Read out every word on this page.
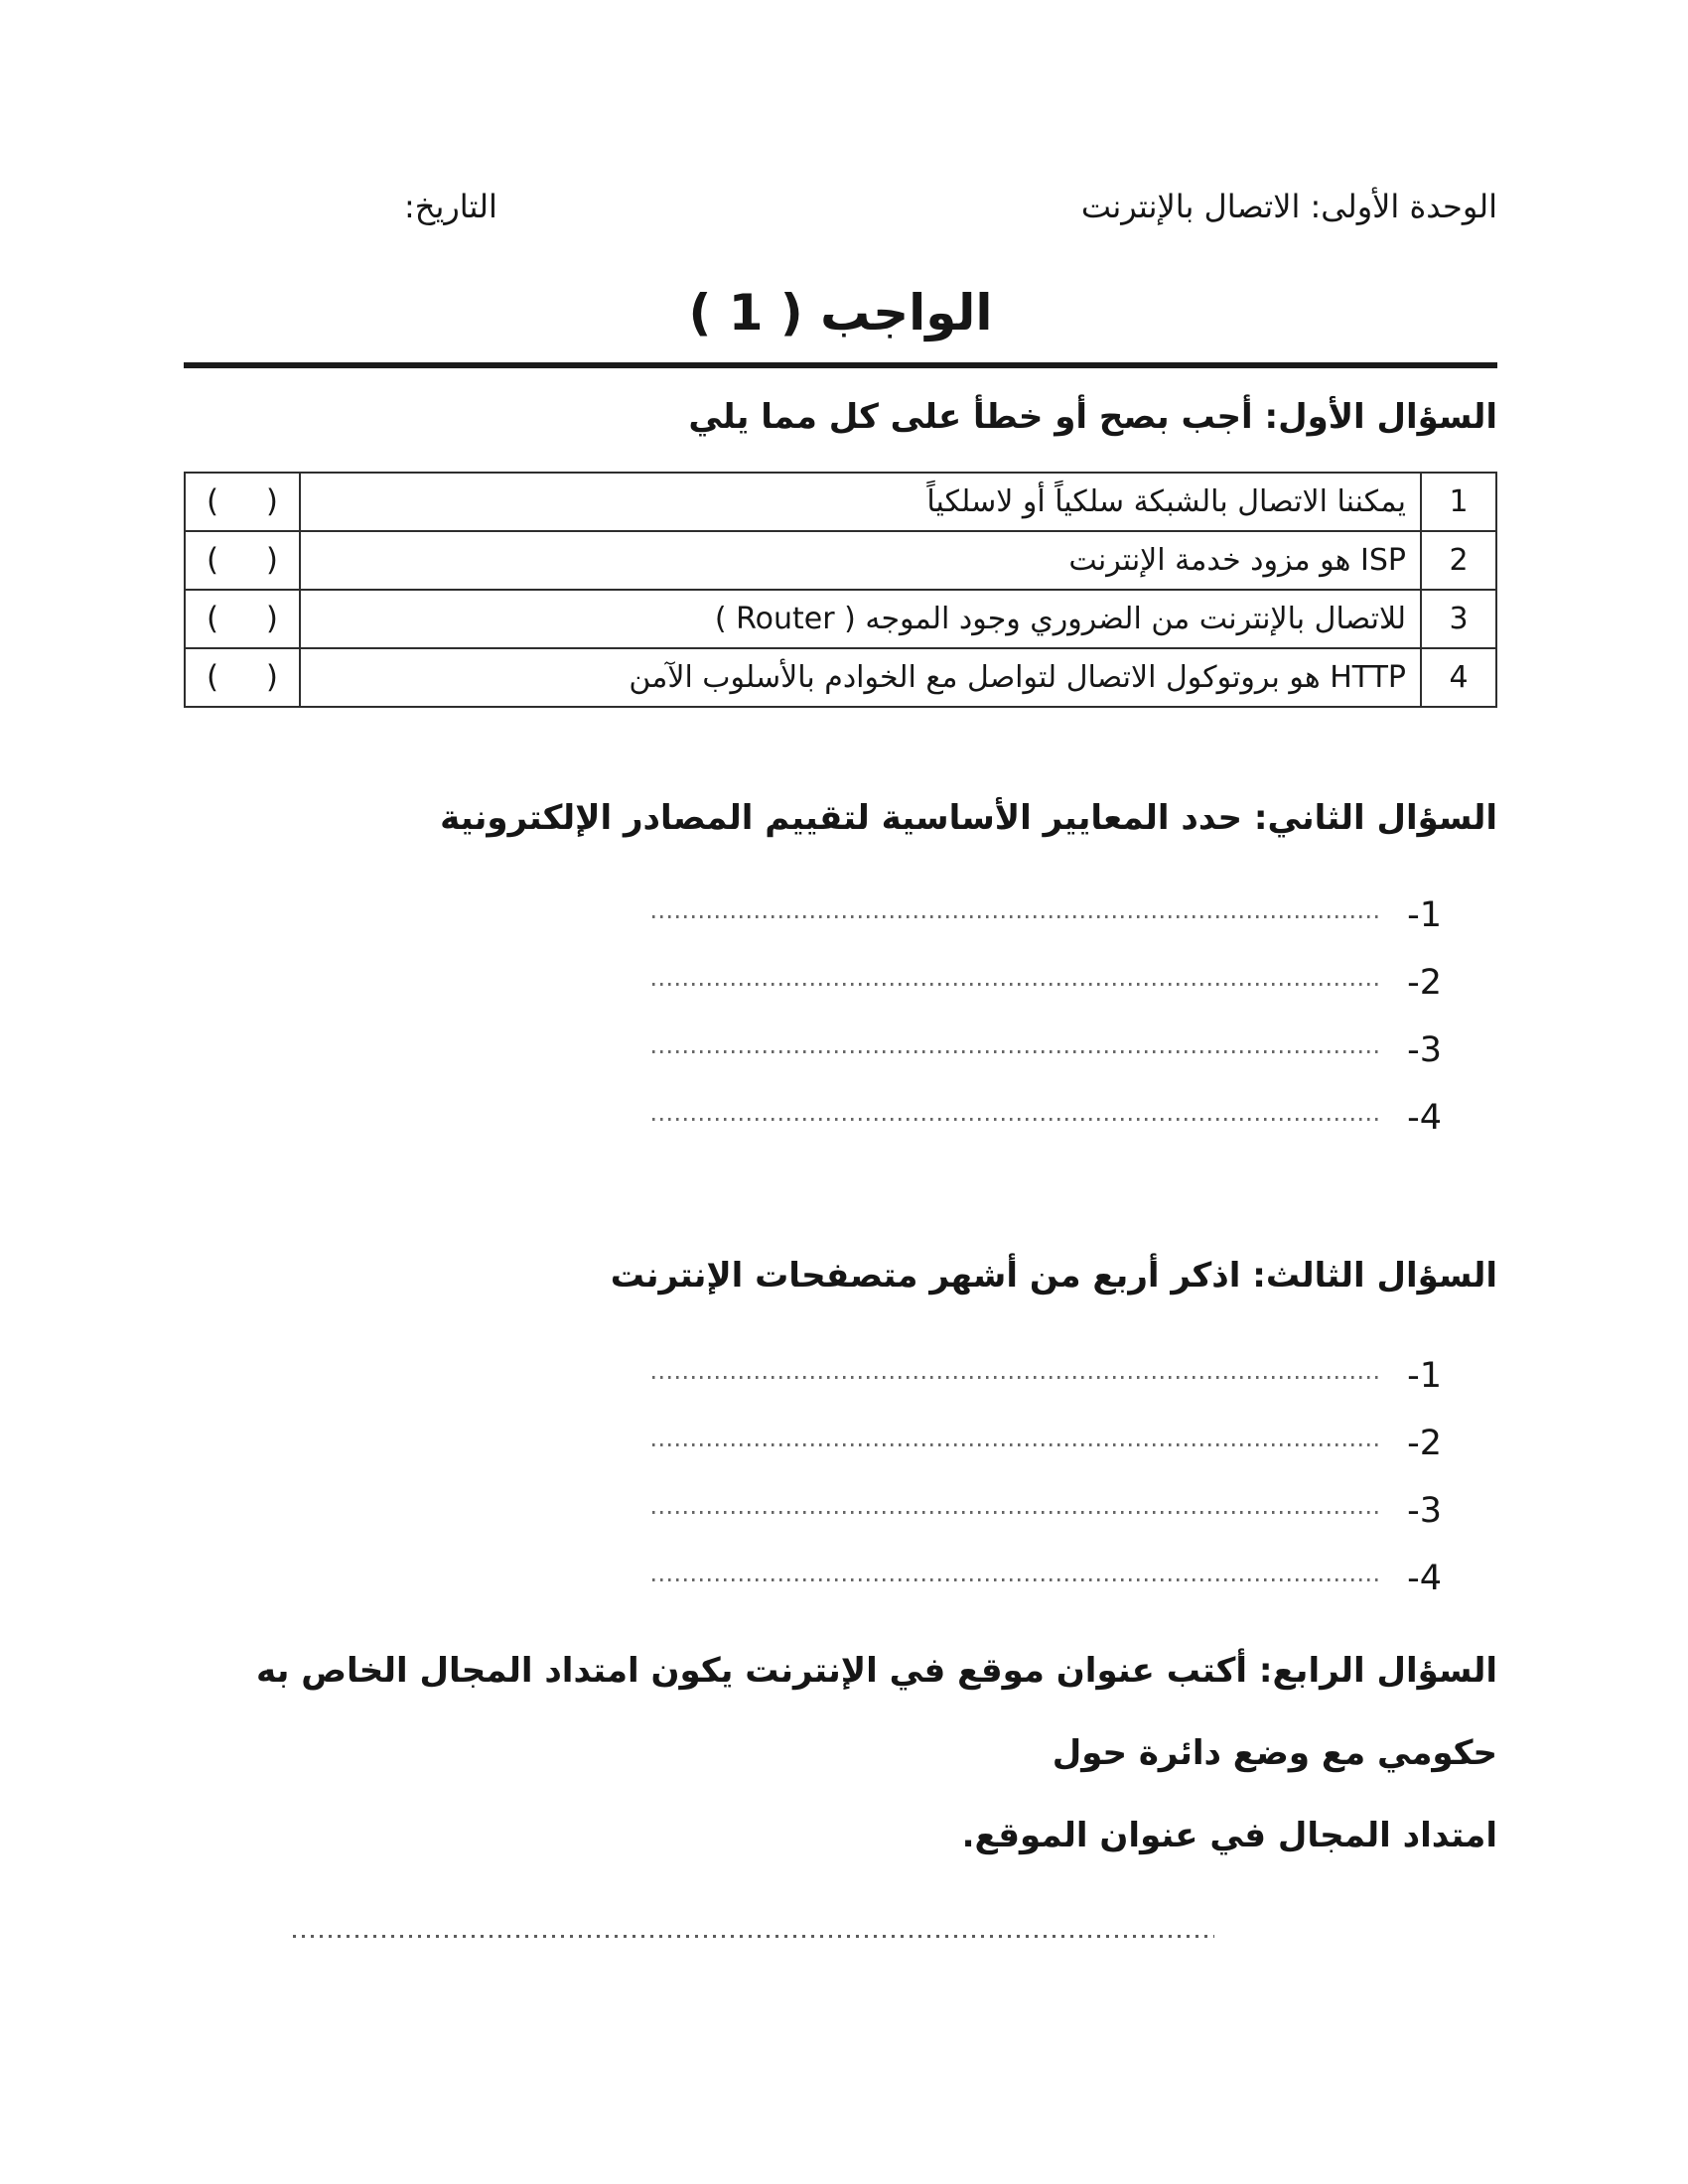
الوحدة الأولى: الاتصال بالإنترنت
التاريخ:
الواجب ( 1 )
السؤال الأول: أجب بصح أو خطأ على كل مما يلي
1	يمكننا الاتصال بالشبكة سلكياً أو لاسلكياً	( )

2	ISP هو مزود خدمة الإنترنت	( )

3	للاتصال بالإنترنت من الضروري وجود الموجه ( Router )	( )

4	HTTP هو بروتوكول الاتصال لتواصل مع الخوادم بالأسلوب الآمن	( )
السؤال الثاني: حدد المعايير الأساسية لتقييم المصادر الإلكترونية
-1
-2
-3
-4
السؤال الثالث: اذكر أربع من أشهر متصفحات الإنترنت
-1
-2
-3
-4
السؤال الرابع: أكتب عنوان موقع في الإنترنت يكون امتداد المجال الخاص به حكومي مع وضع دائرة حول
امتداد المجال في عنوان الموقع.
